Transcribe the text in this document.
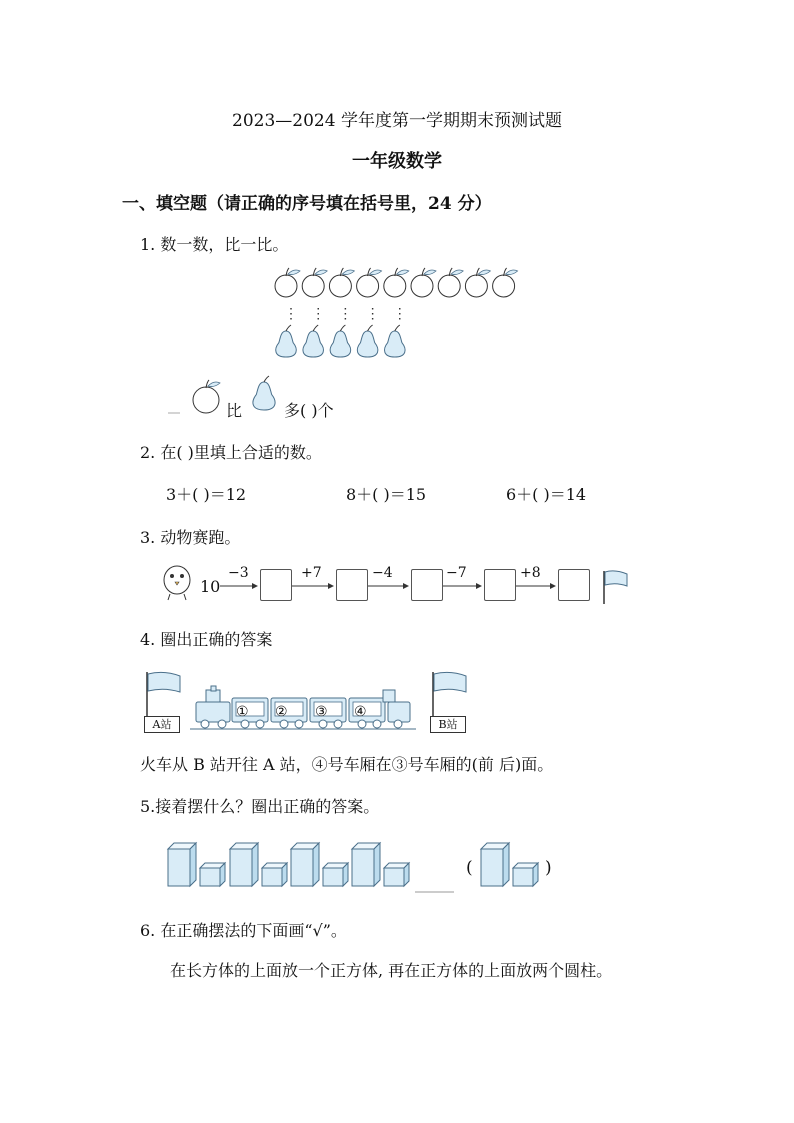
2023—2024 学年度第一学期期末预测试题
一年级数学
一、填空题（请正确的序号填在括号里，24 分）
1. 数一数，比一比。
⋮ ⋮ ⋮ ⋮ ⋮
比	多( )个
2. 在( )里填上合适的数。
3＋( )＝12	8＋( )＝15	6＋( )＝14
3. 动物赛跑。
10
−3	+7	−4	−7	+8
4. 圈出正确的答案
A站	B站
① ② ③ ④
火车从 B 站开往 A 站，④号车厢在③号车厢的(前 后)面。
5.接着摆什么？圈出正确的答案。
(	)
6. 在正确摆法的下面画“√”。
在长方体的上面放一个正方体, 再在正方体的上面放两个圆柱。
